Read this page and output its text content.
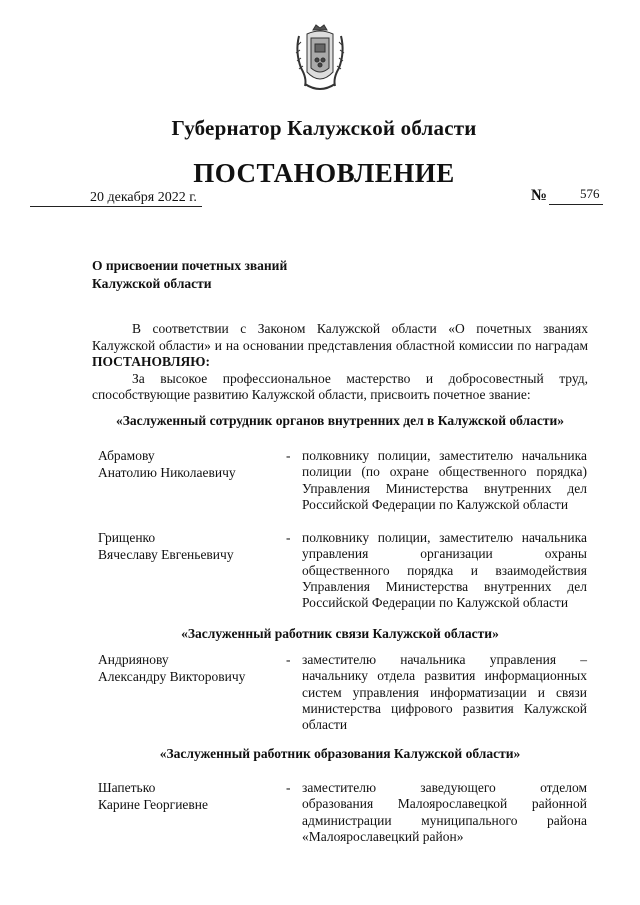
Губернатор Калужской области
ПОСТАНОВЛЕНИЕ
20 декабря 2022 г.	№	576
О присвоении почетных званий
Калужской области

В соответствии с Законом Калужской области «О почетных званиях Калужской области» и на основании представления областной комиссии по наградам ПОСТАНОВЛЯЮ:

За высокое профессиональное мастерство и добросовестный труд, способствующие развитию Калужской области, присвоить почетное звание:

«Заслуженный сотрудник органов внутренних дел в Калужской области»
Абрамову
Анатолию Николаевичу
- полковнику полиции, заместителю начальника
полиции (по охране общественного порядка)
Управления Министерства внутренних дел
Российской Федерации по Калужской области
Грищенко
Вячеславу Евгеньевичу
- полковнику полиции, заместителю начальника
управления организации охраны
общественного порядка и взаимодействия
Управления Министерства внутренних дел
Российской Федерации по Калужской области
«Заслуженный работник связи Калужской области»
Андриянову
Александру Викторовичу
- заместителю начальника управления –
начальнику отдела развития информационных
систем управления информатизации и связи
министерства цифрового развития Калужской
области
«Заслуженный работник образования Калужской области»
Шапетько
Карине Георгиевне
- заместителю заведующего отделом
образования Малоярославецкой районной
администрации муниципального района
«Малоярославецкий район»
